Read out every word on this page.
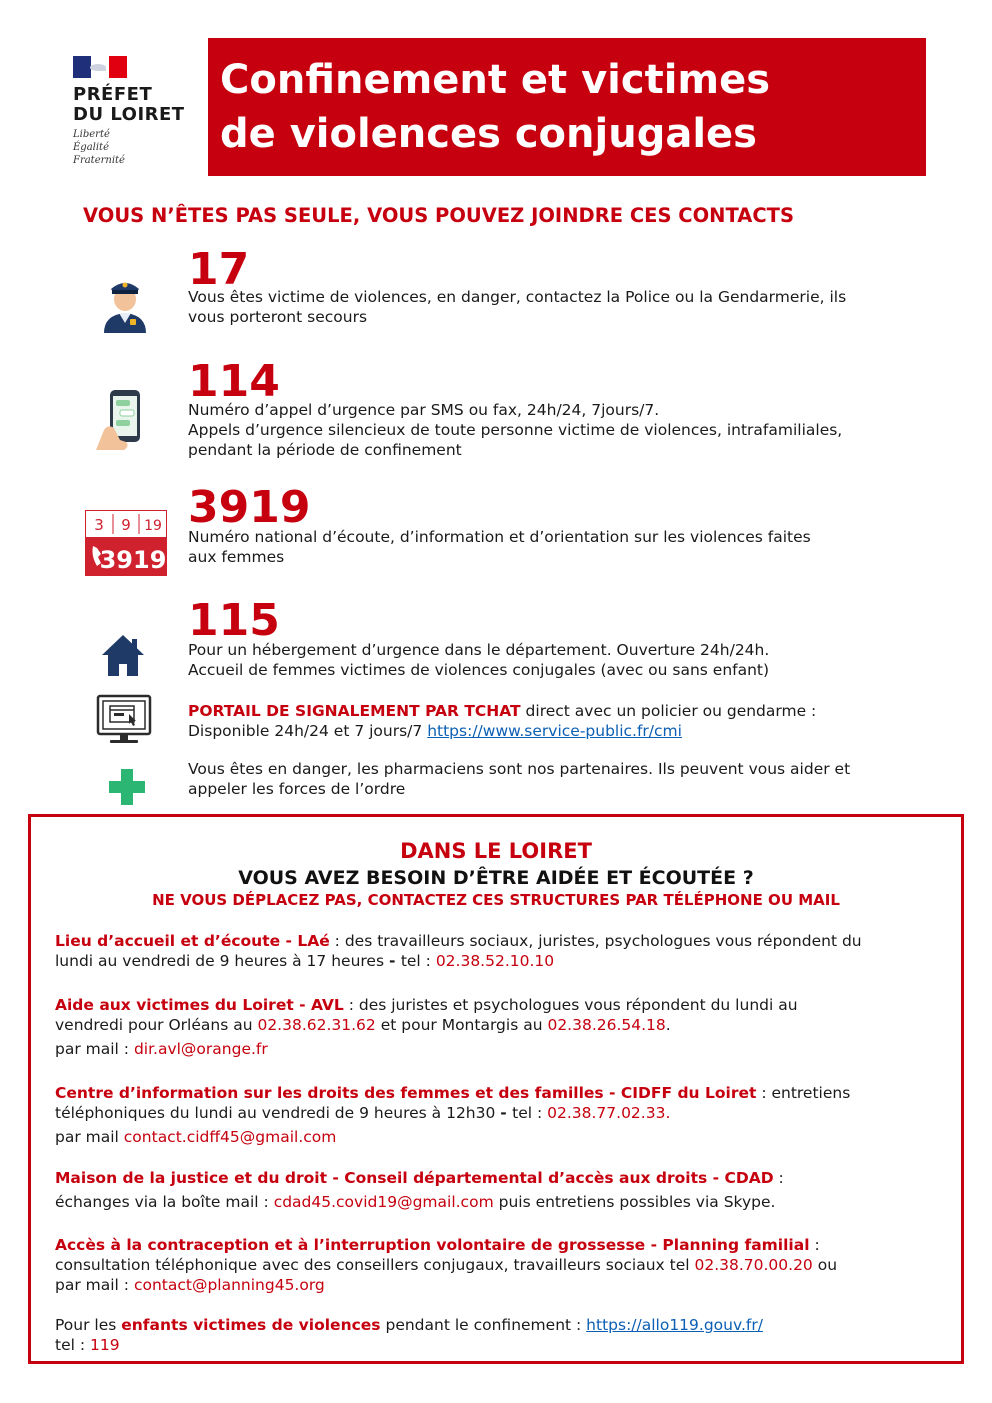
PRÉFET
DU LOIRET
Liberté
Égalité
Fraternité
Confinement et victimes
de violences conjugales
VOUS N’ÊTES PAS SEULE, VOUS POUVEZ JOINDRE CES CONTACTS
17
Vous êtes victime de violences, en danger, contactez la Police ou la Gendarmerie, ils
vous porteront secours
114
Numéro d’appel d’urgence par SMS ou fax, 24h/24, 7jours/7.
Appels d’urgence silencieux de toute personne victime de violences, intrafamiliales,
pendant la période de confinement
3 9 19
3919
3919
Numéro national d’écoute, d’information et d’orientation sur les violences faites
aux femmes
115
Pour un hébergement d’urgence dans le département. Ouverture 24h/24h.
Accueil de femmes victimes de violences conjugales (avec ou sans enfant)
PORTAIL DE SIGNALEMENT PAR TCHAT direct avec un policier ou gendarme :
Disponible 24h/24 et 7 jours/7 https://www.service-public.fr/cmi
Vous êtes en danger, les pharmaciens sont nos partenaires. Ils peuvent vous aider et
appeler les forces de l’ordre
DANS LE LOIRET
VOUS AVEZ BESOIN D’ÊTRE AIDÉE ET ÉCOUTÉE ?
NE VOUS DÉPLACEZ PAS, CONTACTEZ CES STRUCTURES PAR TÉLÉPHONE OU MAIL
Lieu d’accueil et d’écoute - LAé : des travailleurs sociaux, juristes, psychologues vous répondent du
lundi au vendredi de 9 heures à 17 heures - tel : 02.38.52.10.10
Aide aux victimes du Loiret - AVL : des juristes et psychologues vous répondent du lundi au
vendredi pour Orléans au 02.38.62.31.62 et pour Montargis au 02.38.26.54.18.
par mail : dir.avl@orange.fr
Centre d’information sur les droits des femmes et des familles - CIDFF du Loiret : entretiens
téléphoniques du lundi au vendredi de 9 heures à 12h30 - tel : 02.38.77.02.33.
par mail contact.cidff45@gmail.com
Maison de la justice et du droit - Conseil départemental d’accès aux droits - CDAD :
échanges via la boîte mail : cdad45.covid19@gmail.com puis entretiens possibles via Skype.
Accès à la contraception et à l’interruption volontaire de grossesse - Planning familial :
consultation téléphonique avec des conseillers conjugaux, travailleurs sociaux tel 02.38.70.00.20 ou
par mail : contact@planning45.org
Pour les enfants victimes de violences pendant le confinement : https://allo119.gouv.fr/
tel : 119
